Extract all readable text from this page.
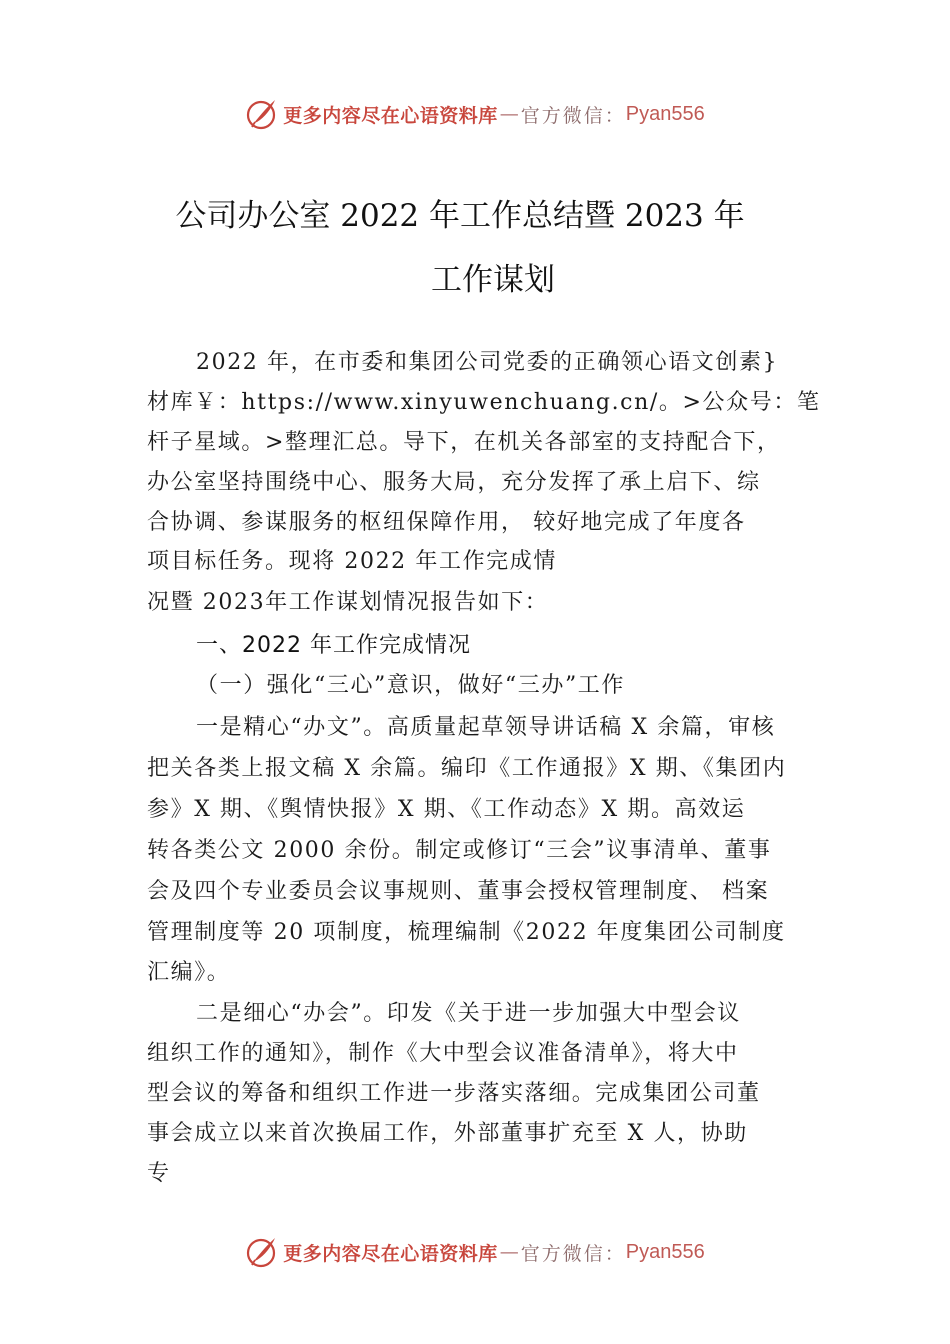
更多内容尽在心语资料库 — 官方微信： Pyan556
公司办公室 2022 年工作总结暨 2023 年
工作谋划
2022 年，在市委和集团公司党委的正确领心语文创素}
材库￥：https://www.xinyuwenchuang.cn/。>公众号：笔
杆子星域。>整理汇总。导下，在机关各部室的支持配合下，
办公室坚持围绕中心、服务大局，充分发挥了承上启下、综
合协调、参谋服务的枢纽保障作用， 较好地完成了年度各
项目标任务。现将 2022 年工作完成情
况暨 2023年工作谋划情况报告如下：
一、2022 年工作完成情况
（一）强化“三心”意识，做好“三办”工作
一是精心“办文”。高质量起草领导讲话稿 X 余篇，审核
把关各类上报文稿 X 余篇。编印《工作通报》X 期、《集团内
参》X 期、《舆情快报》X 期、《工作动态》X 期。高效运
转各类公文 2000 余份。制定或修订“三会”议事清单、董事
会及四个专业委员会议事规则、董事会授权管理制度、 档案
管理制度等 20 项制度，梳理编制《2022 年度集团公司制度
汇编》。
二是细心“办会”。印发《关于进一步加强大中型会议
组织工作的通知》，制作《大中型会议准备清单》，将大中
型会议的筹备和组织工作进一步落实落细。完成集团公司董
事会成立以来首次换届工作，外部董事扩充至 X 人，协助
专
更多内容尽在心语资料库 — 官方微信： Pyan556
